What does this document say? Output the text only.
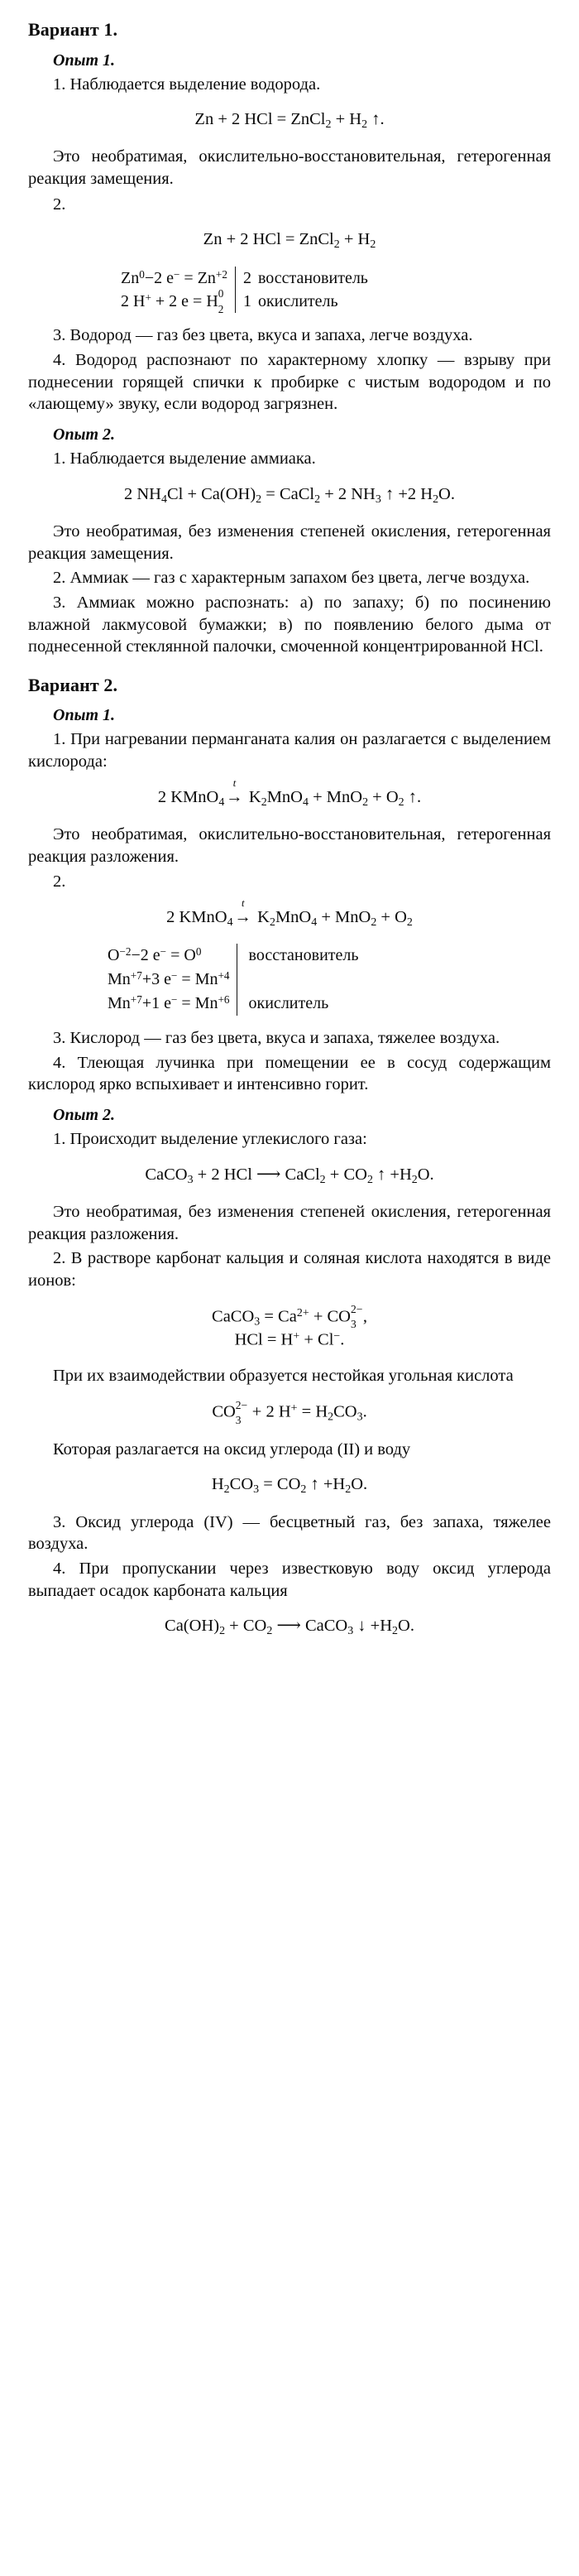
Вариант 1.
Опыт 1.

1. Наблюдается выделение водорода.

Zn + 2 HCl = ZnCl$_2$ + $H_2$ ↑.

Это необратимая, окислительно-восстановительная, гетерогенная реакция замещения.

2.
Zn + 2 HCl = ZnCl$_2$ + $H_2$
$Zn^0-2$ $e^- = Zn^{+2}$	2 восстановитель
2 H+ + 2 e = H 0
2	1 окислитель

3. Водород — газ без цвета, вкуса и запаха, легче воздуха.

4. Водород распознают по характерному хлопку — взрыву при поднесении горящей спички к пробирке с чистым водородом и по «лающему» звуку, если водород загрязнен.

Опыт 2.

1. Наблюдается выделение аммиака.

2 $NH_4Cl + Ca(OH)_2$ = CaCl$_2$ + 2 $NH_3$ ↑ +2 $H_2O$.

Это необратимая, без изменения степеней окисления, гетерогенная реакция замещения.

2. Аммиак — газ с характерным запахом без цвета, легче воздуха.

3. Аммиак можно распознать: а) по запаху; б) по посинению влажной лакмусовой бумажки; в) по появлению белого дыма от поднесенной стеклянной палочки, смоченной концентрированной HCl.

Вариант 2.
Опыт 1.

1. При нагревании перманганата калия он разлагается с выделением кислорода:

2 KMnO$_4$
t
→ $K_2MnO_4 + MnO_2 + O_2$ ↑.

Это необратимая, окислительно-восстановительная, гетерогенная реакция разложения.

2.
2 KMnO$_4$
t
→ $K_2MnO_4 + MnO_2 + O_2$
$O^{-2}-2$ $e^- = O^0$
$Mn^{+7}+3$ $e^- = Mn^{+4}$
$Mn^{+7}+1$ $e^- = Mn^{+6}$
восстановитель
окислитель

3. Кислород — газ без цвета, вкуса и запаха, тяжелее воздуха.

4. Тлеющая лучинка при помещении ее в сосуд содержащим кислород ярко вспыхивает и интенсивно горит.

Опыт 2.

1. Происходит выделение углекислого газа:

CaCO$_3$ + 2 HCl ⟶ CaCl$_2$ + $CO_2$ ↑ $+H_2O$.

Это необратимая, без изменения степеней окисления, гетерогенная реакция разложения.

2. В растворе карбонат кальция и соляная кислота находятся в виде ионов:

CaCO$_3$ = $Ca^{2+}$ + CO 2−
3 ,
HCl = H+ + Cl−.

При их взаимодействии образуется нестойкая угольная кислота

CO 2−
3 + 2 $H^+ = H_2CO_3$.

Которая разлагается на оксид углерода (II) и воду

$H_2CO_3 = CO_2$ ↑ $+H_2O$.

3. Оксид углерода (IV) — бесцветный газ, без запаха, тяжелее воздуха.

4. При пропускании через известковую воду оксид углерода выпадает осадок карбоната кальция

$Ca(OH)_2 + CO_2$ ⟶ CaCO$_3$ ↓ $+H_2O$.
